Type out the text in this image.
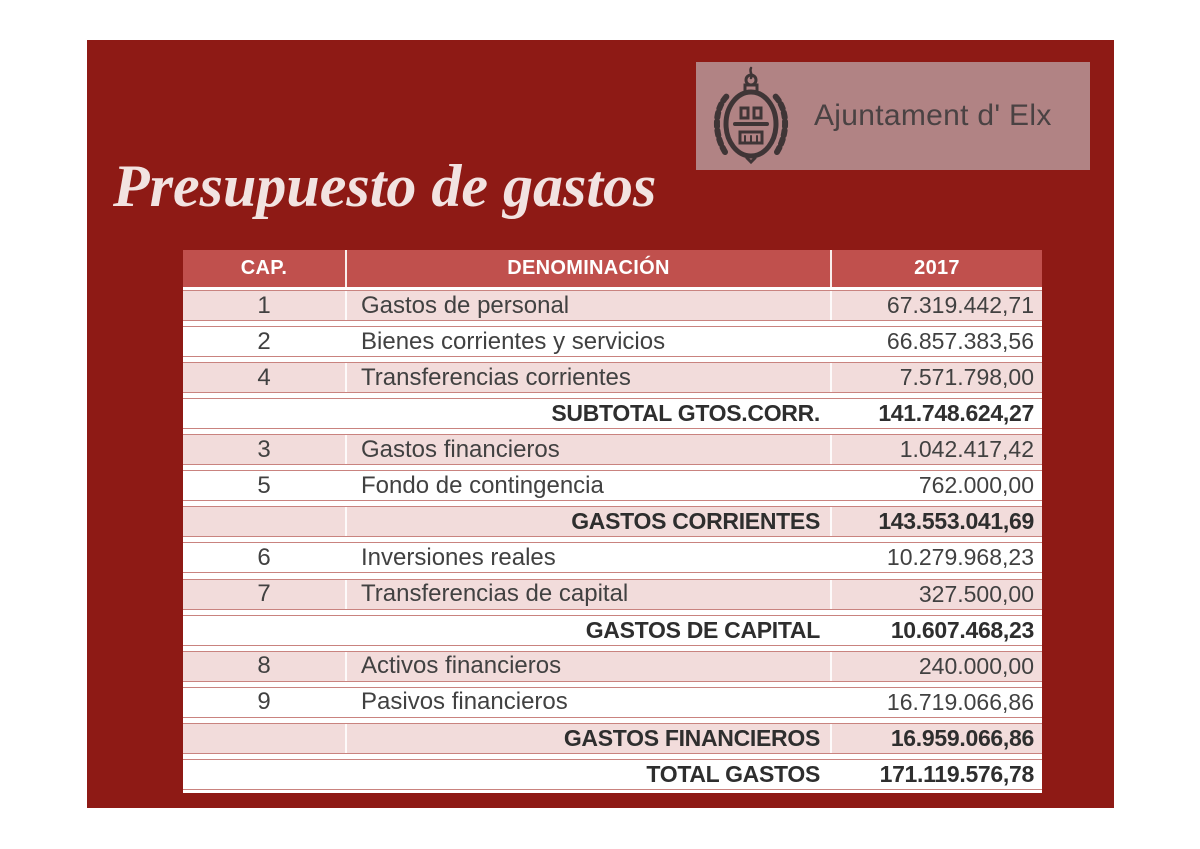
Ajuntament d' Elx
Presupuesto de gastos
CAP.	DENOMINACIÓN	2017
1	Gastos de personal	67.319.442,71
2	Bienes corrientes y servicios	66.857.383,56
4	Transferencias corrientes	7.571.798,00
SUBTOTAL GTOS.CORR.	141.748.624,27
3	Gastos financieros	1.042.417,42
5	Fondo de contingencia	762.000,00
GASTOS CORRIENTES	143.553.041,69
6	Inversiones reales	10.279.968,23
7	Transferencias de capital	327.500,00
GASTOS DE CAPITAL	10.607.468,23
8	Activos financieros	240.000,00
9	Pasivos financieros	16.719.066,86
GASTOS FINANCIEROS	16.959.066,86
TOTAL GASTOS	171.119.576,78
